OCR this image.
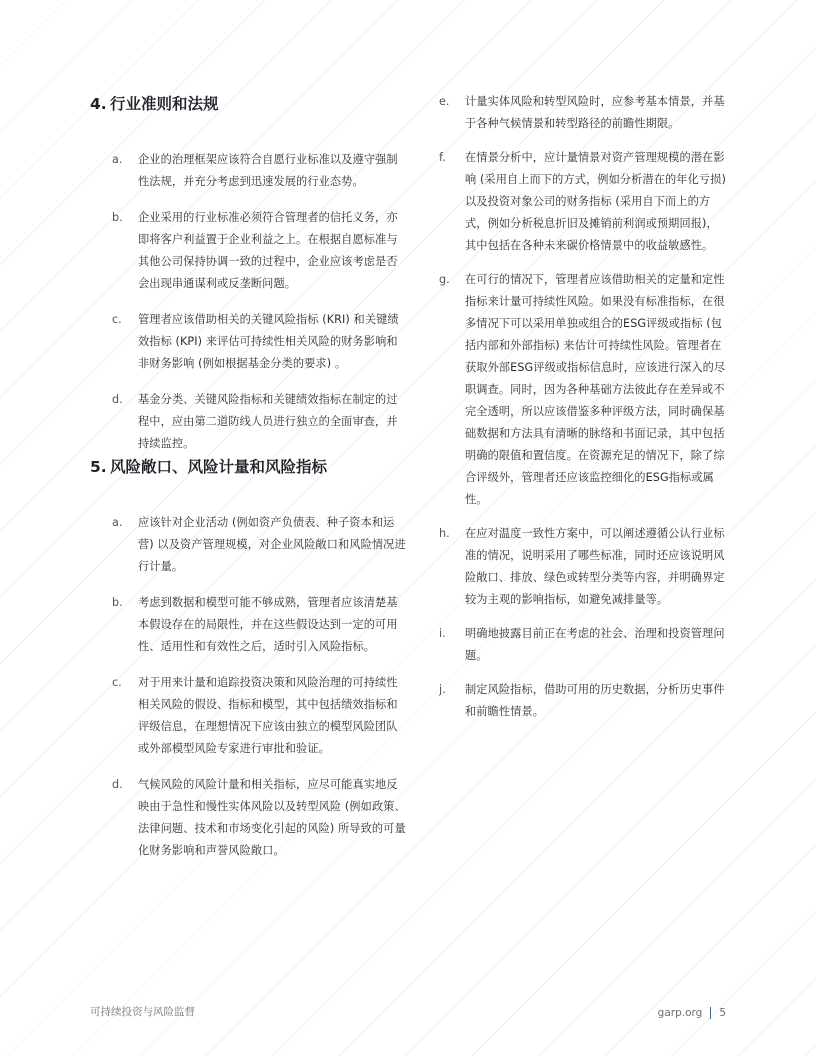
4. 行业准则和法规
a.	企业的治理框架应该符合自愿行业标准以及遵守强制性法规，并充分考虑到迅速发展的行业态势。
b.	企业采用的行业标准必须符合管理者的信托义务，亦即将客户利益置于企业利益之上。在根据自愿标准与其他公司保持协调一致的过程中，企业应该考虑是否会出现串通谋利或反垄断问题。
c.	管理者应该借助相关的关键风险指标 (KRI) 和关键绩效指标 (KPI) 来评估可持续性相关风险的财务影响和非财务影响 (例如根据基金分类的要求) 。
d.	基金分类、关键风险指标和关键绩效指标在制定的过程中，应由第二道防线人员进行独立的全面审查，并持续监控。
5. 风险敞口、风险计量和风险指标
a.	应该针对企业活动 (例如资产负债表、种子资本和运营) 以及资产管理规模，对企业风险敞口和风险情况进行计量。
b.	考虑到数据和模型可能不够成熟，管理者应该清楚基本假设存在的局限性，并在这些假设达到一定的可用性、适用性和有效性之后，适时引入风险指标。
c.	对于用来计量和追踪投资决策和风险治理的可持续性相关风险的假设、指标和模型，其中包括绩效指标和评级信息，在理想情况下应该由独立的模型风险团队或外部模型风险专家进行审批和验证。
d.	气候风险的风险计量和相关指标，应尽可能真实地反映由于急性和慢性实体风险以及转型风险 (例如政策、法律问题、技术和市场变化引起的风险) 所导致的可量化财务影响和声誉风险敞口。
e.	计量实体风险和转型风险时，应参考基本情景，并基于各种气候情景和转型路径的前瞻性期限。
f.	在情景分析中，应计量情景对资产管理规模的潜在影响 (采用自上而下的方式，例如分析潜在的年化亏损) 以及投资对象公司的财务指标 (采用自下而上的方式，例如分析税息折旧及摊销前利润或预期回报)，其中包括在各种未来碳价格情景中的收益敏感性。
g.	在可行的情况下，管理者应该借助相关的定量和定性指标来计量可持续性风险。如果没有标准指标，在很多情况下可以采用单独或组合的ESG评级或指标 (包括内部和外部指标) 来估计可持续性风险。管理者在获取外部ESG评级或指标信息时，应该进行深入的尽职调查。同时，因为各种基础方法彼此存在差异或不完全透明，所以应该借鉴多种评级方法，同时确保基础数据和方法具有清晰的脉络和书面记录，其中包括明确的限值和置信度。在资源充足的情况下，除了综合评级外，管理者还应该监控细化的ESG指标或属性。
h.	在应对温度一致性方案中，可以阐述遵循公认行业标准的情况，说明采用了哪些标准，同时还应该说明风险敞口、排放、绿色或转型分类等内容，并明确界定较为主观的影响指标，如避免减排量等。
i.	明确地披露目前正在考虑的社会、治理和投资管理问题。
j.	制定风险指标，借助可用的历史数据，分析历史事件和前瞻性情景。
可持续投资与风险监督	garp.org 5
